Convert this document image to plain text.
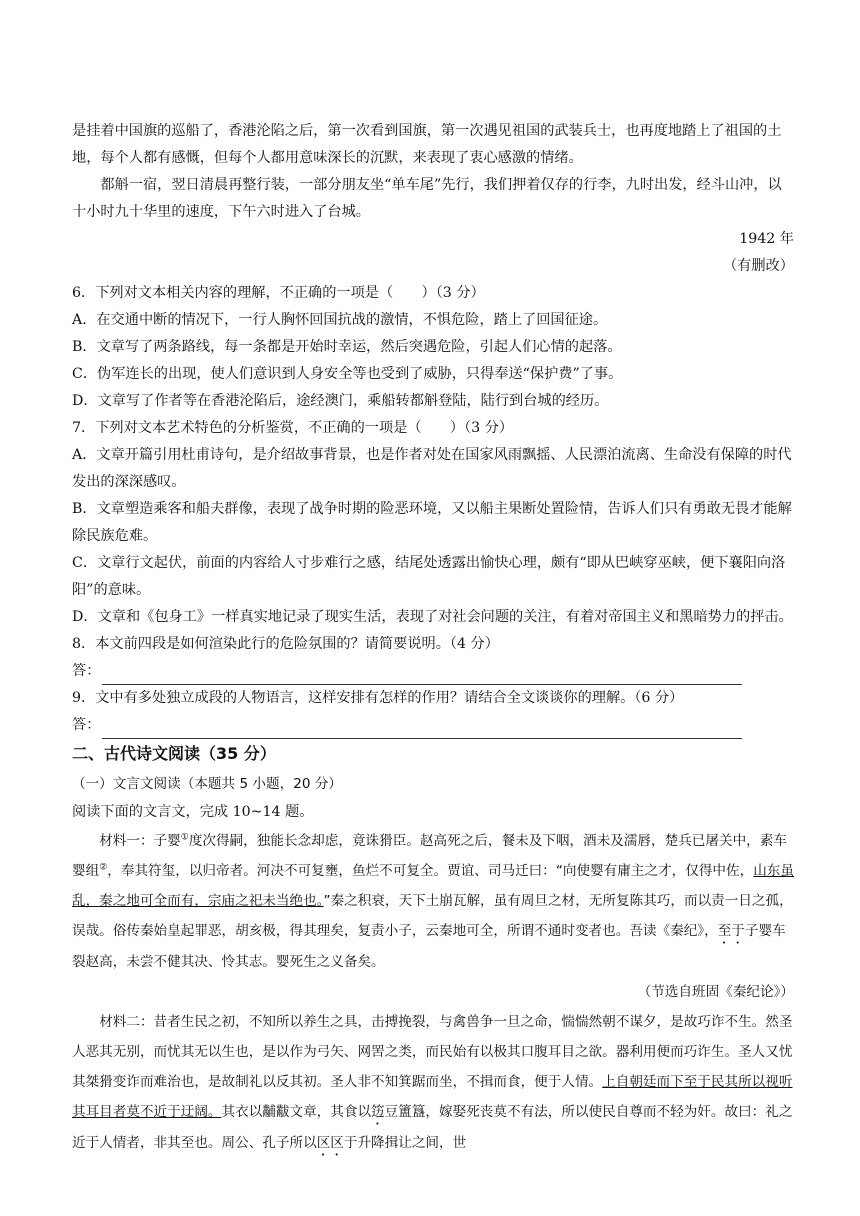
是挂着中国旗的巡船了，香港沦陷之后，第一次看到国旗，第一次遇见祖国的武装兵士，也再度地踏上了祖国的土地，每个人都有感慨，但每个人都用意味深长的沉默，来表现了衷心感激的情绪。

都斛一宿，翌日清晨再整行装，一部分朋友坐“单车尾”先行，我们押着仅存的行李，九时出发，经斗山冲，以十小时九十华里的速度，下午六时进入了台城。

1942 年

（有删改）

6．下列对文本相关内容的理解，不正确的一项是（　　）（3 分）

A．在交通中断的情况下，一行人胸怀回国抗战的激情，不惧危险，踏上了回国征途。

B．文章写了两条路线，每一条都是开始时幸运，然后突遇危险，引起人们心情的起落。

C．伪军连长的出现，使人们意识到人身安全等也受到了威胁，只得奉送“保护费”了事。

D．文章写了作者等在香港沦陷后，途经澳门，乘船转都斛登陆，陆行到台城的经历。

7．下列对文本艺术特色的分析鉴赏，不正确的一项是（　　）（3 分）

A．文章开篇引用杜甫诗句，是介绍故事背景，也是作者对处在国家风雨飘摇、人民漂泊流离、生命没有保障的时代发出的深深感叹。

B．文章塑造乘客和船夫群像，表现了战争时期的险恶环境，又以船主果断处置险情，告诉人们只有勇敢无畏才能解除民族危难。

C．文章行文起伏，前面的内容给人寸步难行之感，结尾处透露出愉快心理，颇有“即从巴峡穿巫峡，便下襄阳向洛阳”的意味。

D．文章和《包身工》一样真实地记录了现实生活，表现了对社会问题的关注，有着对帝国主义和黑暗势力的抨击。

8．本文前四段是如何渲染此行的危险氛围的？请简要说明。（4 分）

答：

9．文中有多处独立成段的人物语言，这样安排有怎样的作用？请结合全文谈谈你的理解。（6 分）

答：

二、古代诗文阅读（35 分）

（一）文言文阅读（本题共 5 小题，20 分）

阅读下面的文言文，完成 10~14 题。

材料一：子婴①度次得嗣，独能长念却虑，竟诛猾臣。赵高死之后，餐未及下咽，酒未及濡唇，楚兵已屠关中，素车婴组②，奉其符玺，以归帝者。河决不可复壅，鱼烂不可复全。贾谊、司马迁曰：“向使婴有庸主之才，仅得中佐，山东虽乱，秦之地可全而有，宗庙之祀未当绝也。”秦之积衰，天下土崩瓦解，虽有周旦之材，无所复陈其巧，而以责一日之孤，误哉。俗传秦始皇起罪恶，胡亥极，得其理矣，复责小子，云秦地可全，所谓不通时变者也。吾读《秦纪》，至于子婴车裂赵高，未尝不健其决、怜其志。婴死生之义备矣。

（节选自班固《秦纪论》）

材料二：昔者生民之初，不知所以养生之具，击搏挽裂，与禽兽争一旦之命，惴惴然朝不谋夕，是故巧诈不生。然圣人恶其无别，而忧其无以生也，是以作为弓矢、网罟之类，而民始有以极其口腹耳目之欲。器利用便而巧诈生。圣人又忧其桀猾变诈而难治也，是故制礼以反其初。圣人非不知箕踞而坐，不揖而食，便于人情。上自朝廷而下至于民其所以视听其耳目者莫不近于迂阔。其衣以黼黻文章，其食以笾豆簠簋，嫁娶死丧莫不有法，所以使民自尊而不轻为奸。故曰：礼之近于人情者，非其至也。周公、孔子所以区区于升降揖让之间，世
